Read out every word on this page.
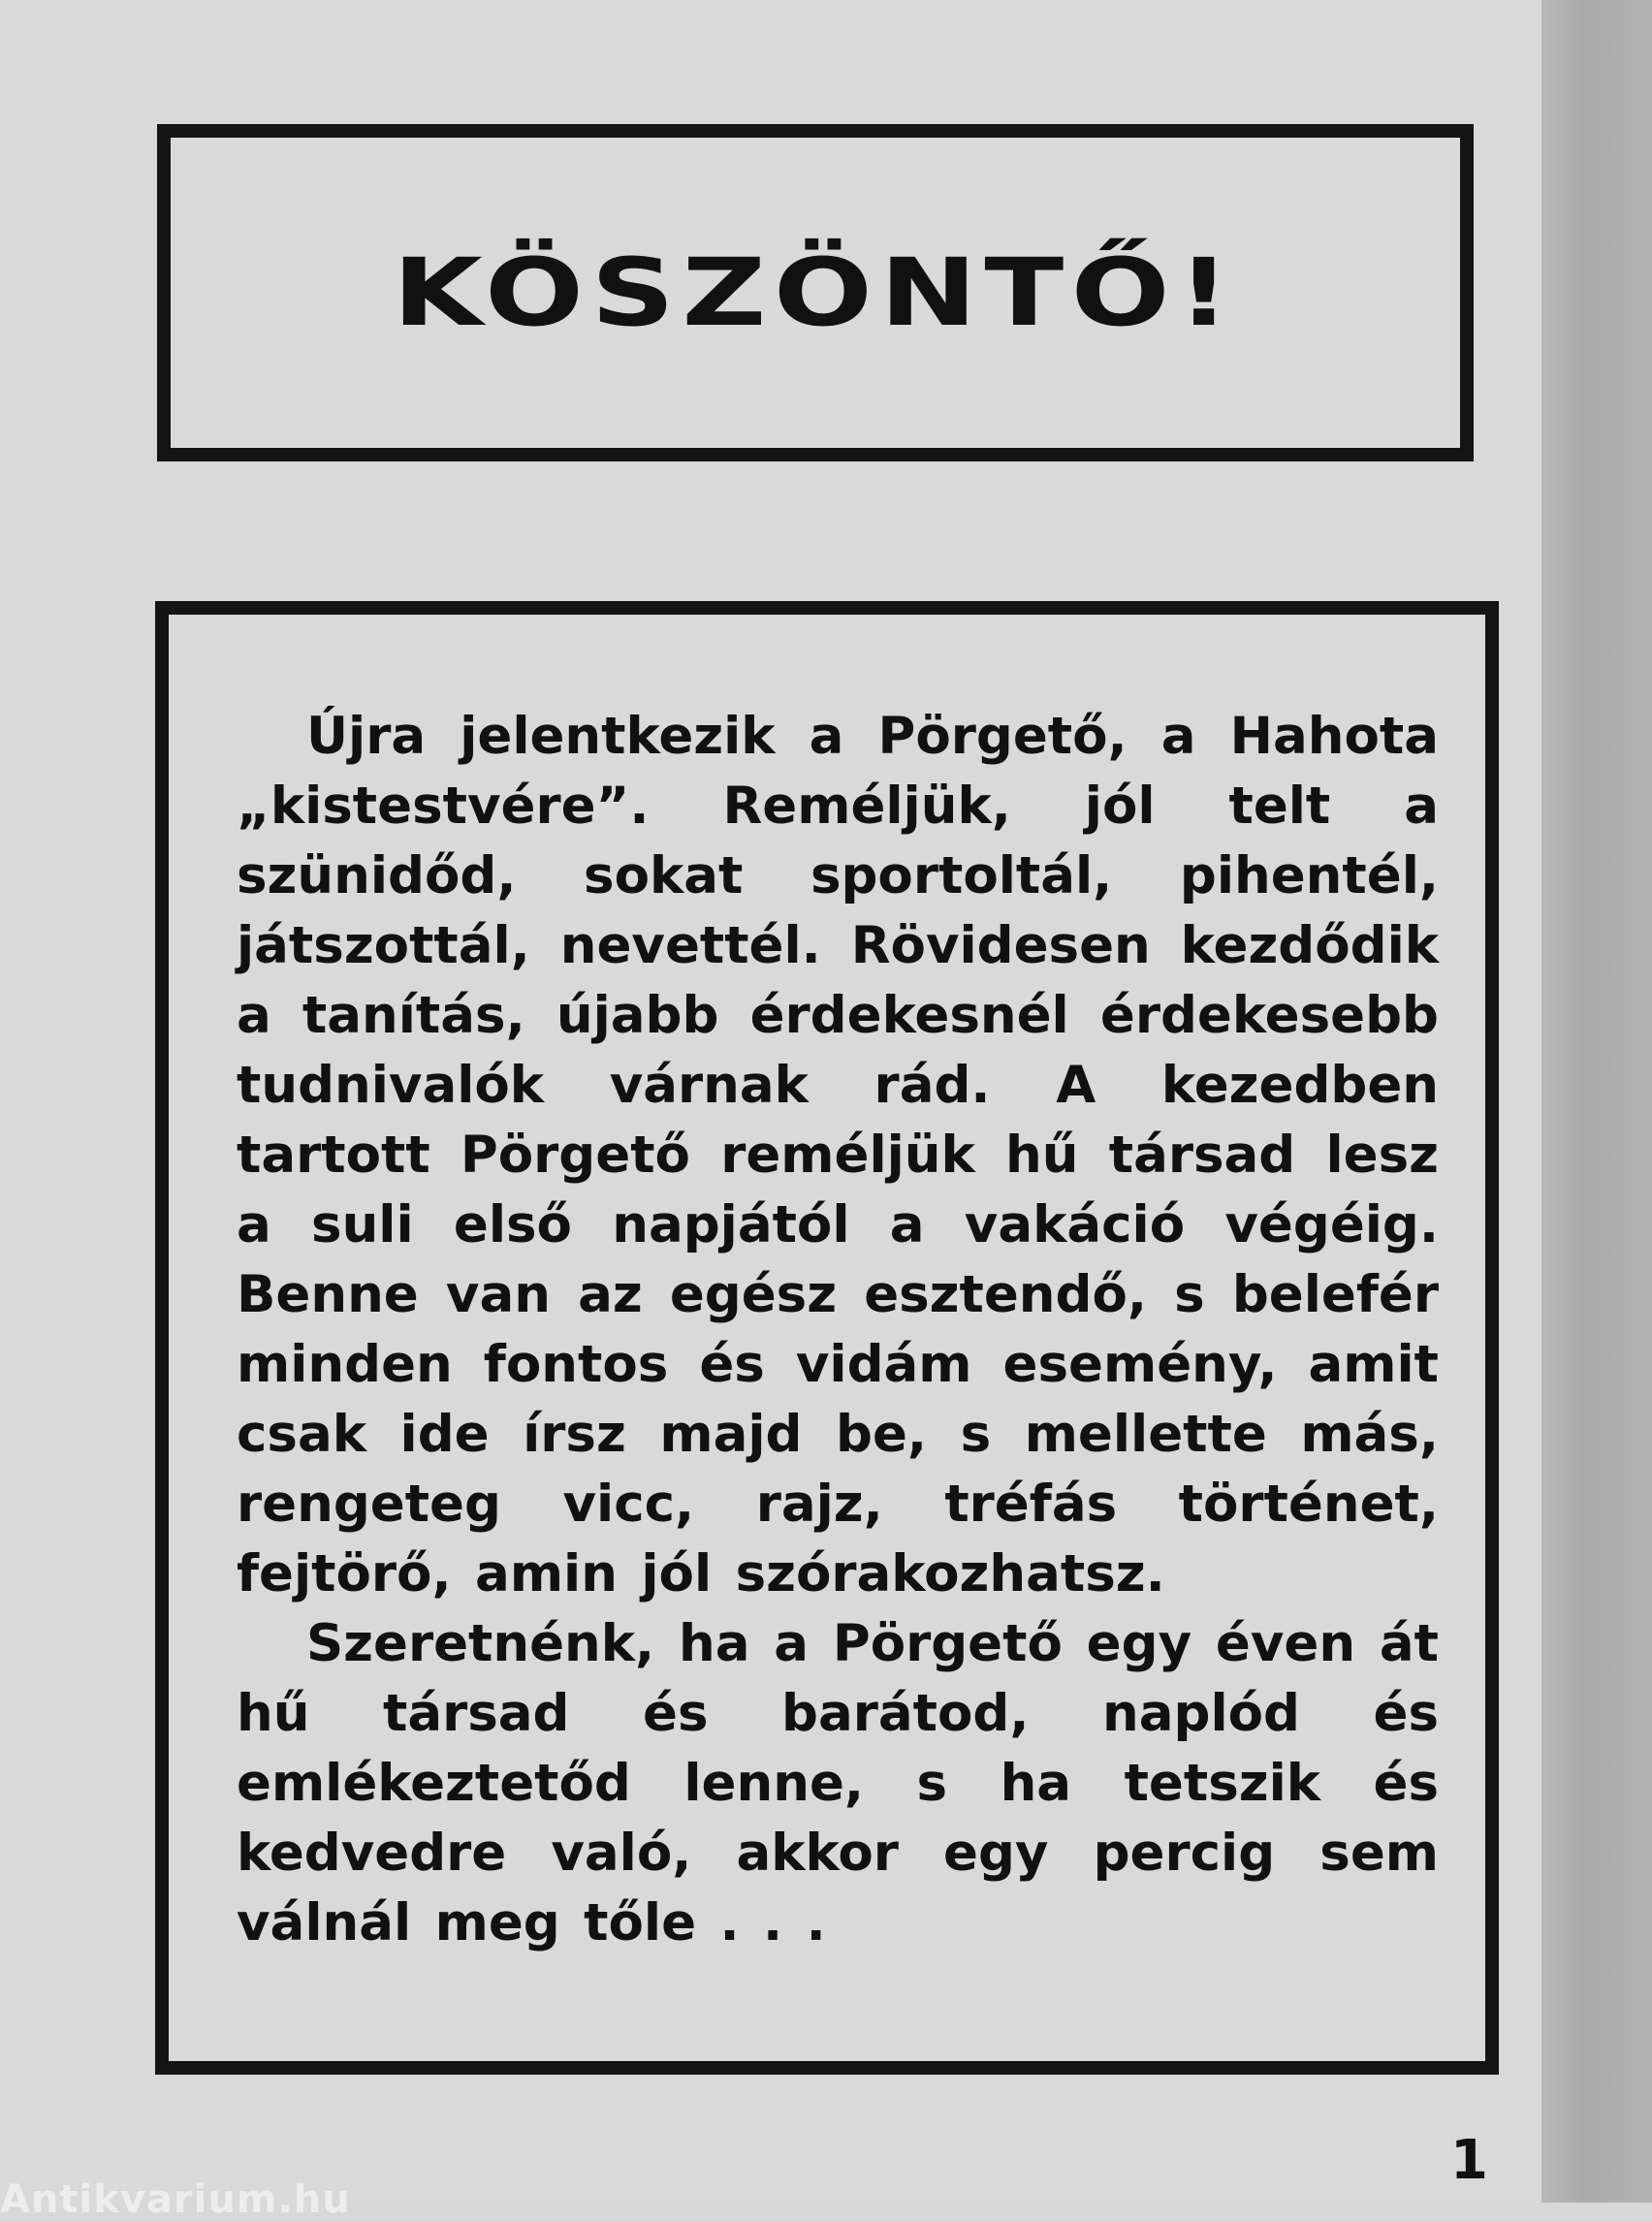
KÖSZÖNTŐ!

Újra jelentkezik a Pörgető, a Hahota „kistestvére”. Reméljük, jól telt a szünidőd, sokat sportoltál, pihentél, játszottál, nevettél. Rövidesen kezdődik a tanítás, újabb érdekesnél érdekesebb tudnivalók várnak rád. A kezedben tartott Pörgető reméljük hű társad lesz a suli első napjától a vakáció végéig. Benne van az egész esztendő, s belefér minden fontos és vidám esemény, amit csak ide írsz majd be, s mellette más, rengeteg vicc, rajz, tréfás történet, fejtörő, amin jól szórakozhatsz.

Szeretnénk, ha a Pörgető egy éven át hű társad és barátod, naplód és emlékeztetőd lenne, s ha tetszik és kedvedre való, akkor egy percig sem válnál meg tőle . . .

1
Antikvarium.hu
